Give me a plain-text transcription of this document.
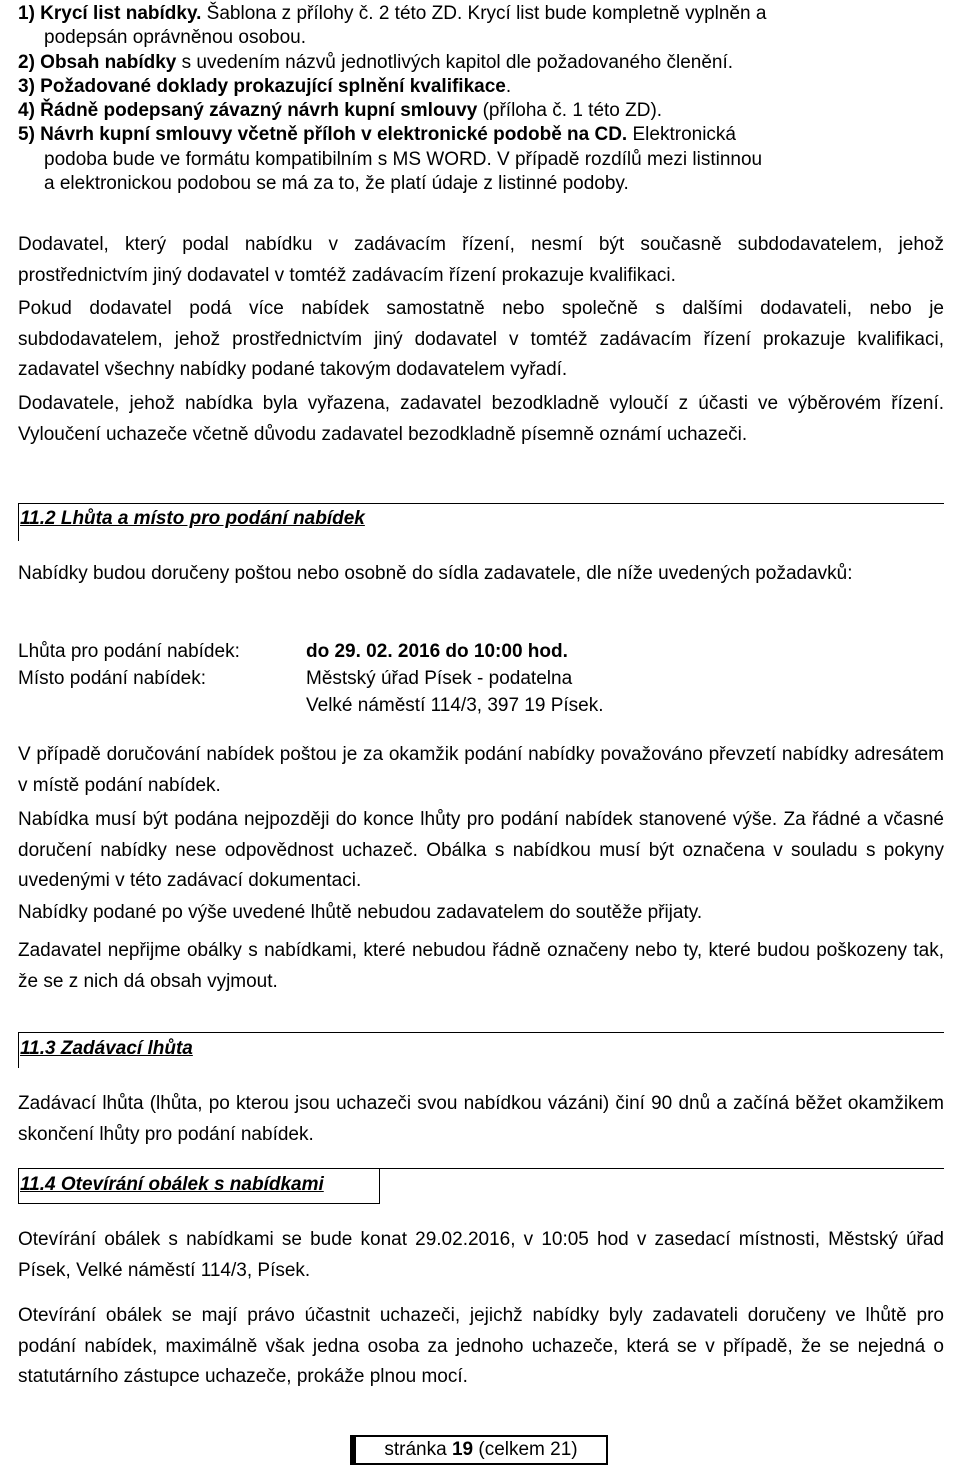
1) Krycí list nabídky. Šablona z přílohy č. 2 této ZD. Krycí list bude kompletně vyplněn a

podepsán oprávněnou osobou.

2) Obsah nabídky s uvedením názvů jednotlivých kapitol dle požadovaného členění.

3) Požadované doklady prokazující splnění kvalifikace.

4) Řádně podepsaný závazný návrh kupní smlouvy (příloha č. 1 této ZD).

5) Návrh kupní smlouvy včetně příloh v elektronické podobě na CD. Elektronická

podoba bude ve formátu kompatibilním s MS WORD. V případě rozdílů mezi listinnou

a elektronickou podobou se má za to, že platí údaje z listinné podoby.

Dodavatel, který podal nabídku v zadávacím řízení, nesmí být současně subdodavatelem, jehož prostřednictvím jiný dodavatel v tomtéž zadávacím řízení prokazuje kvalifikaci.

Pokud dodavatel podá více nabídek samostatně nebo společně s dalšími dodavateli, nebo je subdodavatelem, jehož prostřednictvím jiný dodavatel v tomtéž zadávacím řízení prokazuje kvalifikaci, zadavatel všechny nabídky podané takovým dodavatelem vyřadí.

Dodavatele, jehož nabídka byla vyřazena, zadavatel bezodkladně vyloučí z účasti ve výběrovém řízení. Vyloučení uchazeče včetně důvodu zadavatel bezodkladně písemně oznámí uchazeči.

11.2 Lhůta a místo pro podání nabídek

Nabídky budou doručeny poštou nebo osobně do sídla zadavatele, dle níže uvedených požadavků:

Lhůta pro podání nabídek:	do 29. 02. 2016 do 10:00 hod.
Místo podání nabídek:	Městský úřad Písek - podatelna
Velké náměstí 114/3, 397 19 Písek.

V případě doručování nabídek poštou je za okamžik podání nabídky považováno převzetí nabídky adresátem v místě podání nabídek.

Nabídka musí být podána nejpozději do konce lhůty pro podání nabídek stanovené výše. Za řádné a včasné doručení nabídky nese odpovědnost uchazeč. Obálka s nabídkou musí být označena v souladu s pokyny uvedenými v této zadávací dokumentaci.

Nabídky podané po výše uvedené lhůtě nebudou zadavatelem do soutěže přijaty.

Zadavatel nepřijme obálky s nabídkami, které nebudou řádně označeny nebo ty, které budou poškozeny tak, že se z nich dá obsah vyjmout.

11.3 Zadávací lhůta

Zadávací lhůta (lhůta, po kterou jsou uchazeči svou nabídkou vázáni) činí 90 dnů a začíná běžet okamžikem skončení lhůty pro podání nabídek.

11.4 Otevírání obálek s nabídkami

Otevírání obálek s nabídkami se bude konat 29.02.2016, v 10:05 hod v zasedací místnosti, Městský úřad Písek, Velké náměstí 114/3, Písek.

Otevírání obálek se mají právo účastnit uchazeči, jejichž nabídky byly zadavateli doručeny ve lhůtě pro podání nabídek, maximálně však jedna osoba za jednoho uchazeče, která se v případě, že se nejedná o statutárního zástupce uchazeče, prokáže plnou mocí.

stránka 19 (celkem 21)
